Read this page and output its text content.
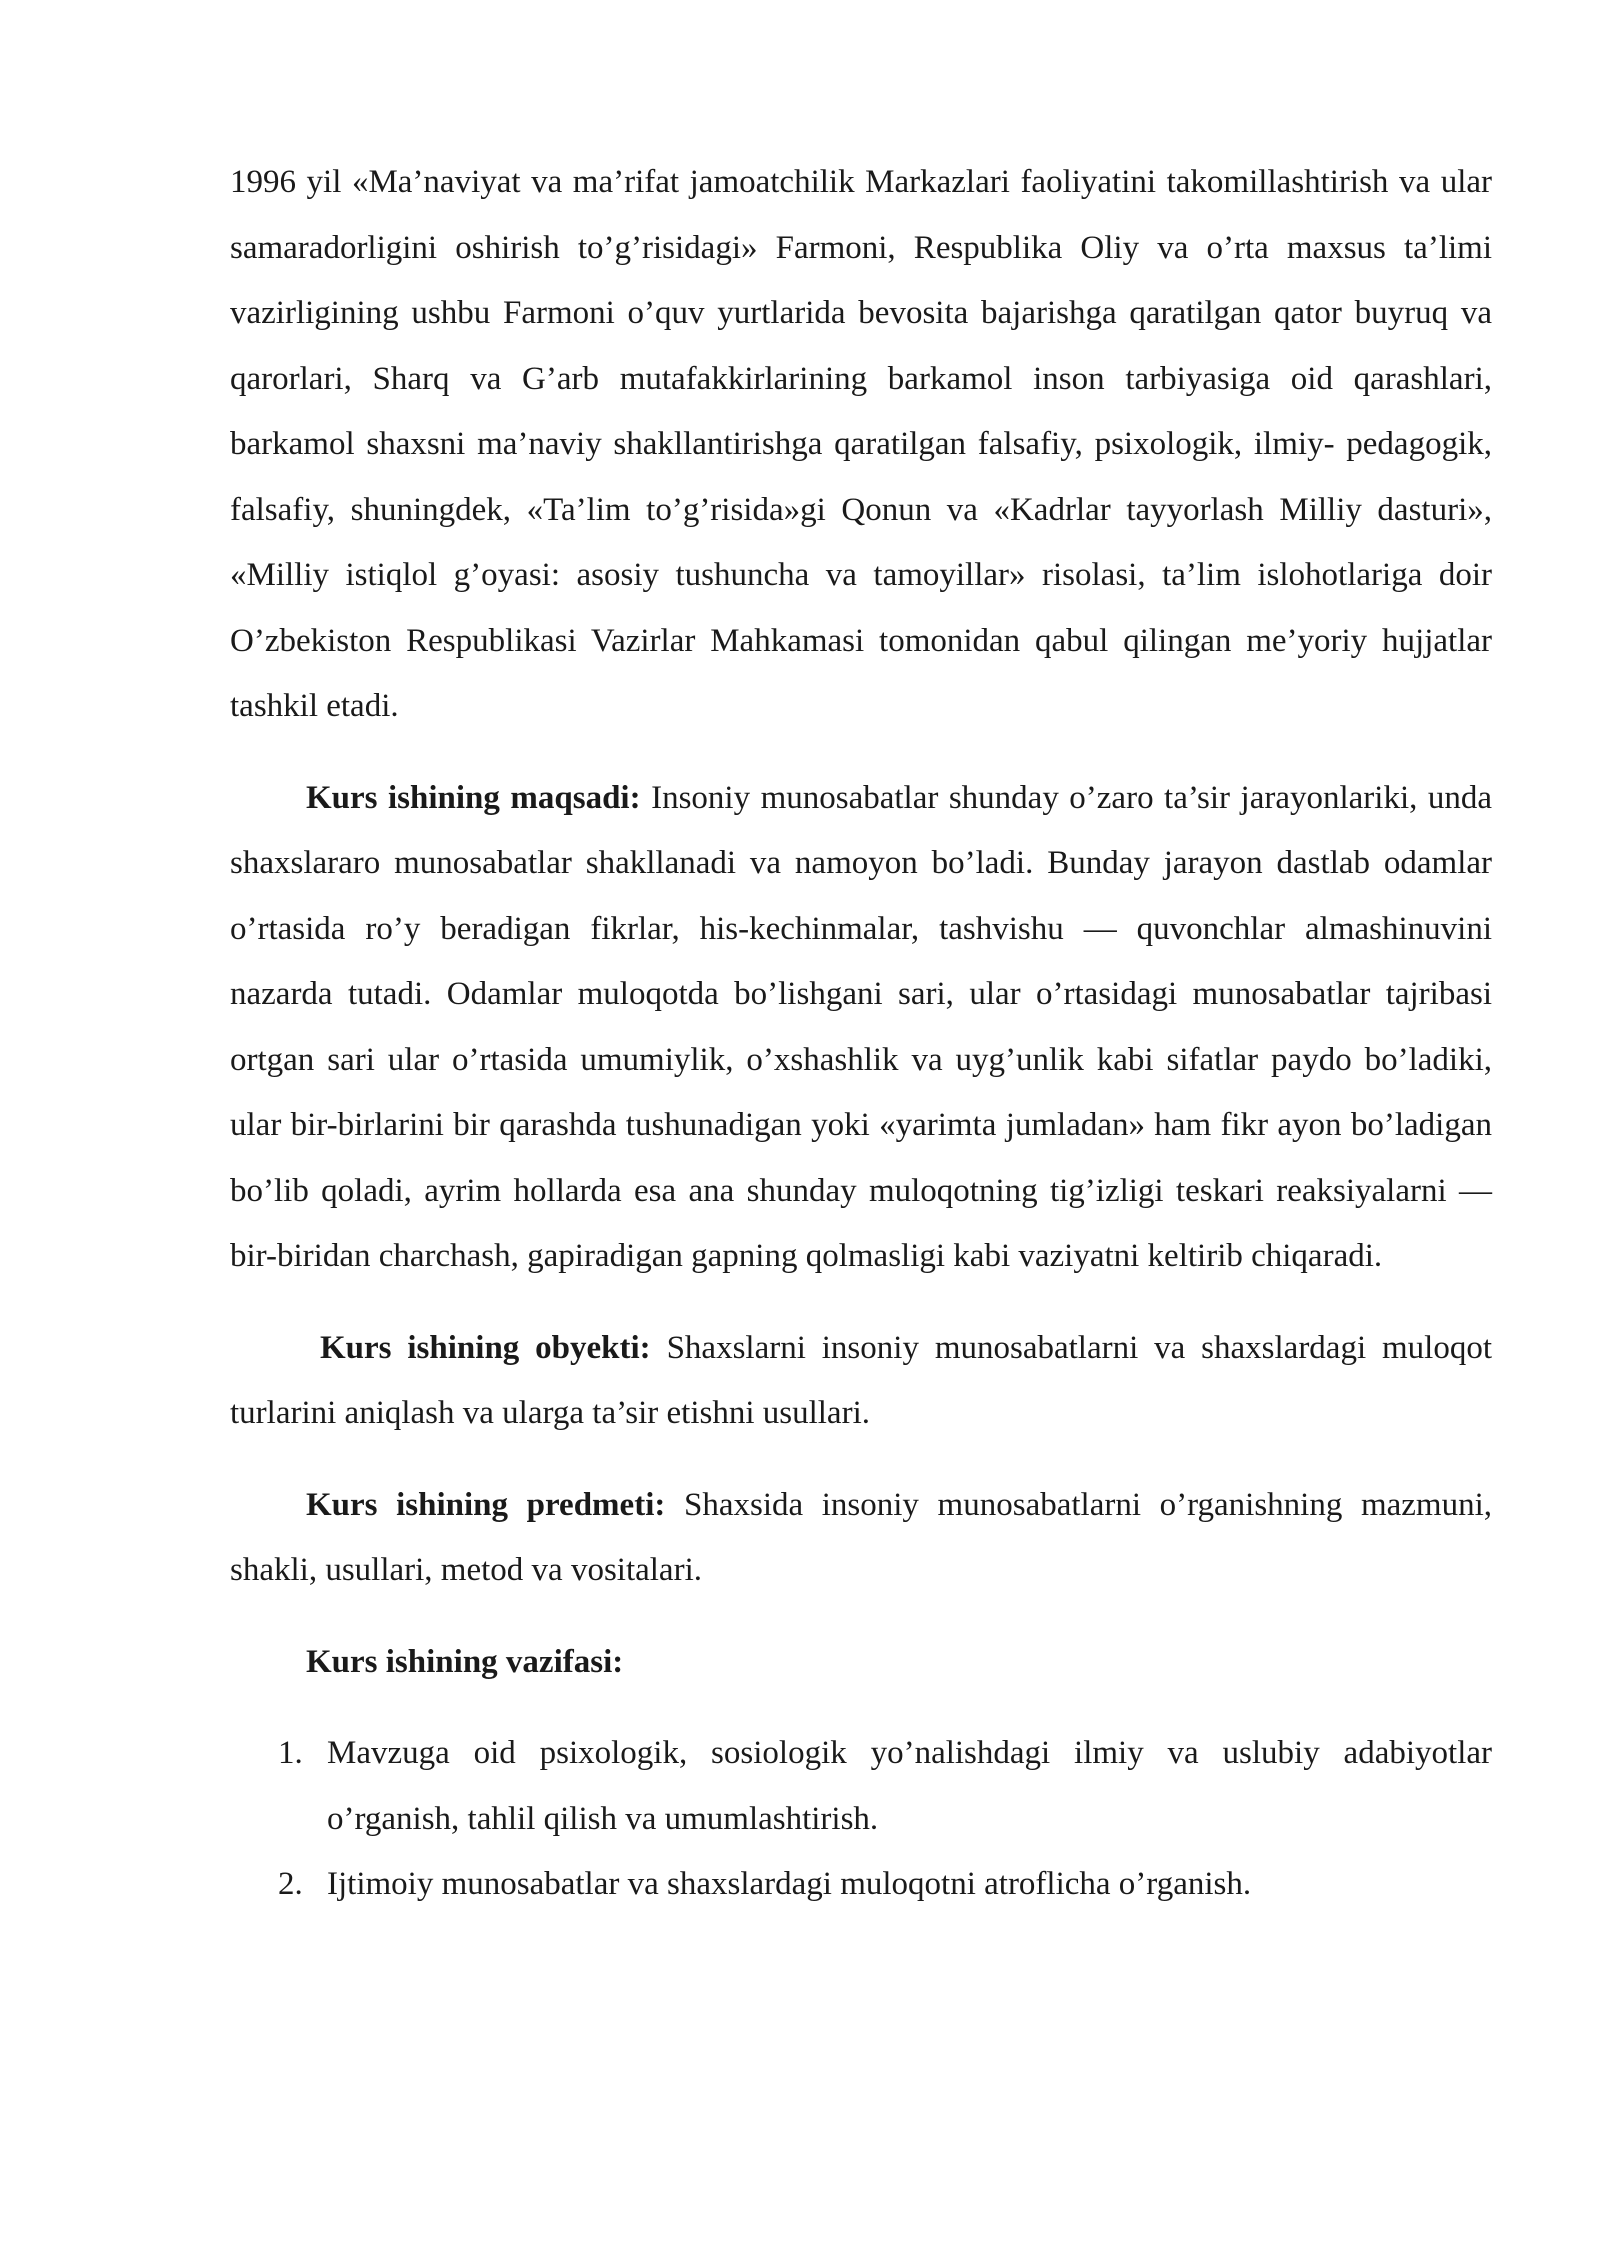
1996 yil «Ma’naviyat va ma’rifat jamoatchilik Markazlari faoliyatini takomillashtirish va ular samaradorligini oshirish to’g’risidagi» Farmoni, Respublika Oliy va o’rta maxsus ta’limi vazirligining ushbu Farmoni o’quv yurtlarida bevosita bajarishga qaratilgan qator buyruq va qarorlari, Sharq va G’arb mutafakkirlarining barkamol inson tarbiyasiga oid qarashlari, barkamol shaxsni ma’naviy shakllantirishga qaratilgan falsafiy, psixologik, ilmiy- pedagogik, falsafiy, shuningdek, «Ta’lim to’g’risida»gi Qonun va «Kadrlar tayyorlash Milliy dasturi», «Milliy istiqlol g’oyasi: asosiy tushuncha va tamoyillar» risolasi, ta’lim islohotlariga doir O’zbekiston Respublikasi Vazirlar Mahkamasi tomonidan qabul qilingan me’yoriy hujjatlar tashkil etadi.

Kurs ishining maqsadi: Insoniy munosabatlar shunday o’zaro ta’sir jarayonlariki, unda shaxslararo munosabatlar shakllanadi va namoyon bo’ladi. Bunday jarayon dastlab odamlar o’rtasida ro’y beradigan fikrlar, his-kechinmalar, tashvishu — quvonchlar almashinuvini nazarda tutadi. Odamlar muloqotda bo’lishgani sari, ular o’rtasidagi munosabatlar tajribasi ortgan sari ular o’rtasida umumiylik, o’xshashlik va uyg’unlik kabi sifatlar paydo bo’ladiki, ular bir-birlarini bir qarashda tushunadigan yoki «yarimta jumladan» ham fikr ayon bo’ladigan bo’lib qoladi, ayrim hollarda esa ana shunday muloqotning tig’izligi teskari reaksiyalarni — bir-biridan charchash, gapiradigan gapning qolmasligi kabi vaziyatni keltirib chiqaradi.

Kurs ishining obyekti: Shaxslarni insoniy munosabatlarni va shaxslardagi muloqot turlarini aniqlash va ularga ta’sir etishni usullari.

Kurs ishining predmeti: Shaxsida insoniy munosabatlarni o’rganishning mazmuni, shakli, usullari, metod va vositalari.

Kurs ishining vazifasi:

1. Mavzuga oid psixologik, sosiologik yo’nalishdagi ilmiy va uslubiy adabiyotlar o’rganish, tahlil qilish va umumlashtirish.
2. Ijtimoiy munosabatlar va shaxslardagi muloqotni atroflicha o’rganish.
